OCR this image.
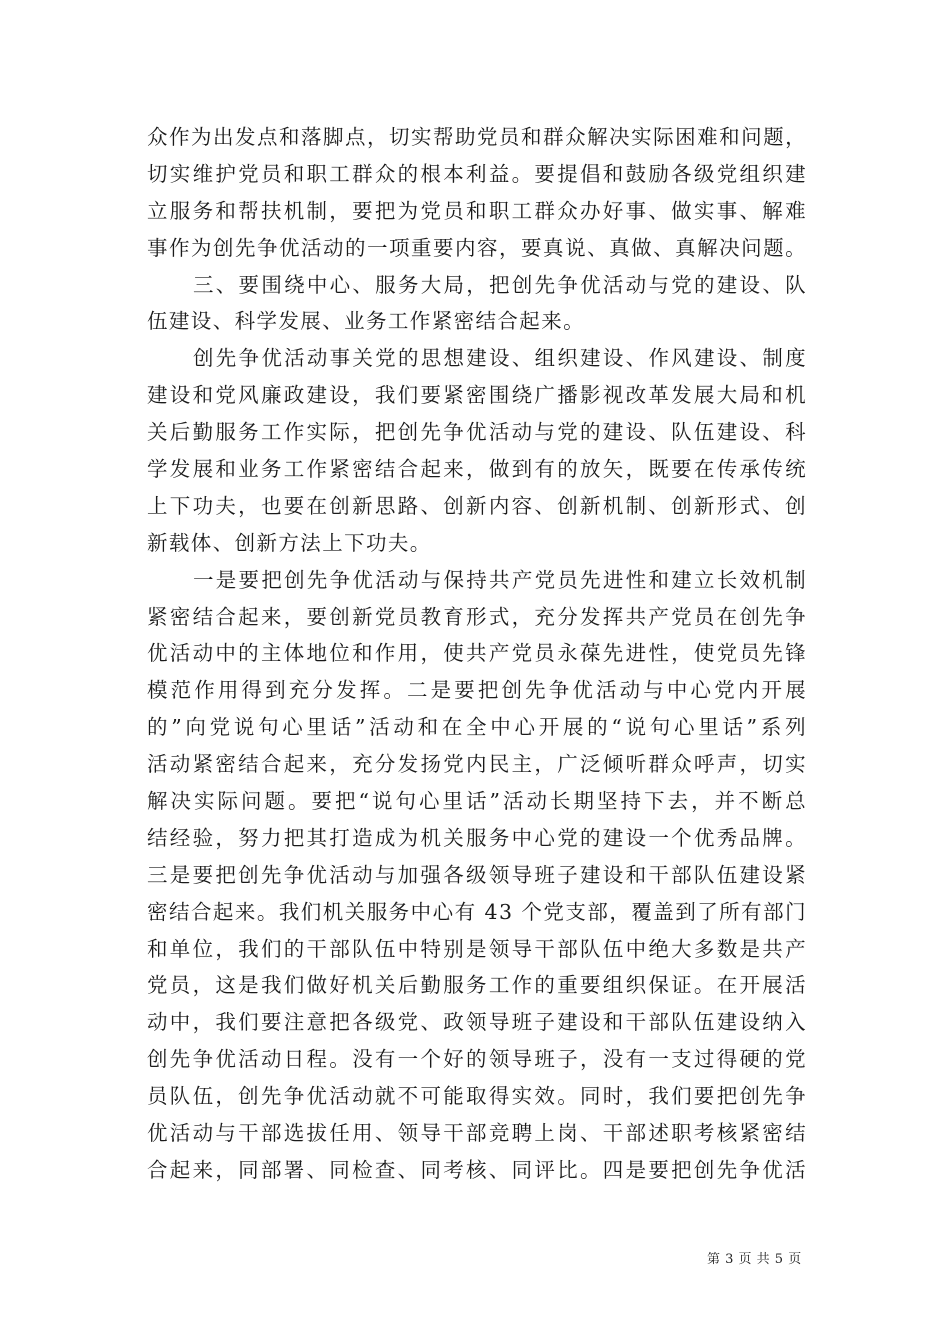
众作为出发点和落脚点，切实帮助党员和群众解决实际困难和问题，
切实维护党员和职工群众的根本利益。要提倡和鼓励各级党组织建
立服务和帮扶机制，要把为党员和职工群众办好事、做实事、解难
事作为创先争优活动的一项重要内容，要真说、真做、真解决问题。
三、要围绕中心、服务大局，把创先争优活动与党的建设、队
伍建设、科学发展、业务工作紧密结合起来。
创先争优活动事关党的思想建设、组织建设、作风建设、制度
建设和党风廉政建设，我们要紧密围绕广播影视改革发展大局和机
关后勤服务工作实际，把创先争优活动与党的建设、队伍建设、科
学发展和业务工作紧密结合起来，做到有的放矢，既要在传承传统
上下功夫，也要在创新思路、创新内容、创新机制、创新形式、创
新载体、创新方法上下功夫。
一是要把创先争优活动与保持共产党员先进性和建立长效机制
紧密结合起来，要创新党员教育形式，充分发挥共产党员在创先争
优活动中的主体地位和作用，使共产党员永葆先进性，使党员先锋
模范作用得到充分发挥。二是要把创先争优活动与中心党内开展
的”向党说句心里话”活动和在全中心开展的“说句心里话”系列
活动紧密结合起来，充分发扬党内民主，广泛倾听群众呼声，切实
解决实际问题。要把“说句心里话”活动长期坚持下去，并不断总
结经验，努力把其打造成为机关服务中心党的建设一个优秀品牌。
三是要把创先争优活动与加强各级领导班子建设和干部队伍建设紧
密结合起来。我们机关服务中心有 43 个党支部，覆盖到了所有部门
和单位，我们的干部队伍中特别是领导干部队伍中绝大多数是共产
党员，这是我们做好机关后勤服务工作的重要组织保证。在开展活
动中，我们要注意把各级党、政领导班子建设和干部队伍建设纳入
创先争优活动日程。没有一个好的领导班子，没有一支过得硬的党
员队伍，创先争优活动就不可能取得实效。同时，我们要把创先争
优活动与干部选拔任用、领导干部竞聘上岗、干部述职考核紧密结
合起来，同部署、同检查、同考核、同评比。四是要把创先争优活
第 3 页 共 5 页
